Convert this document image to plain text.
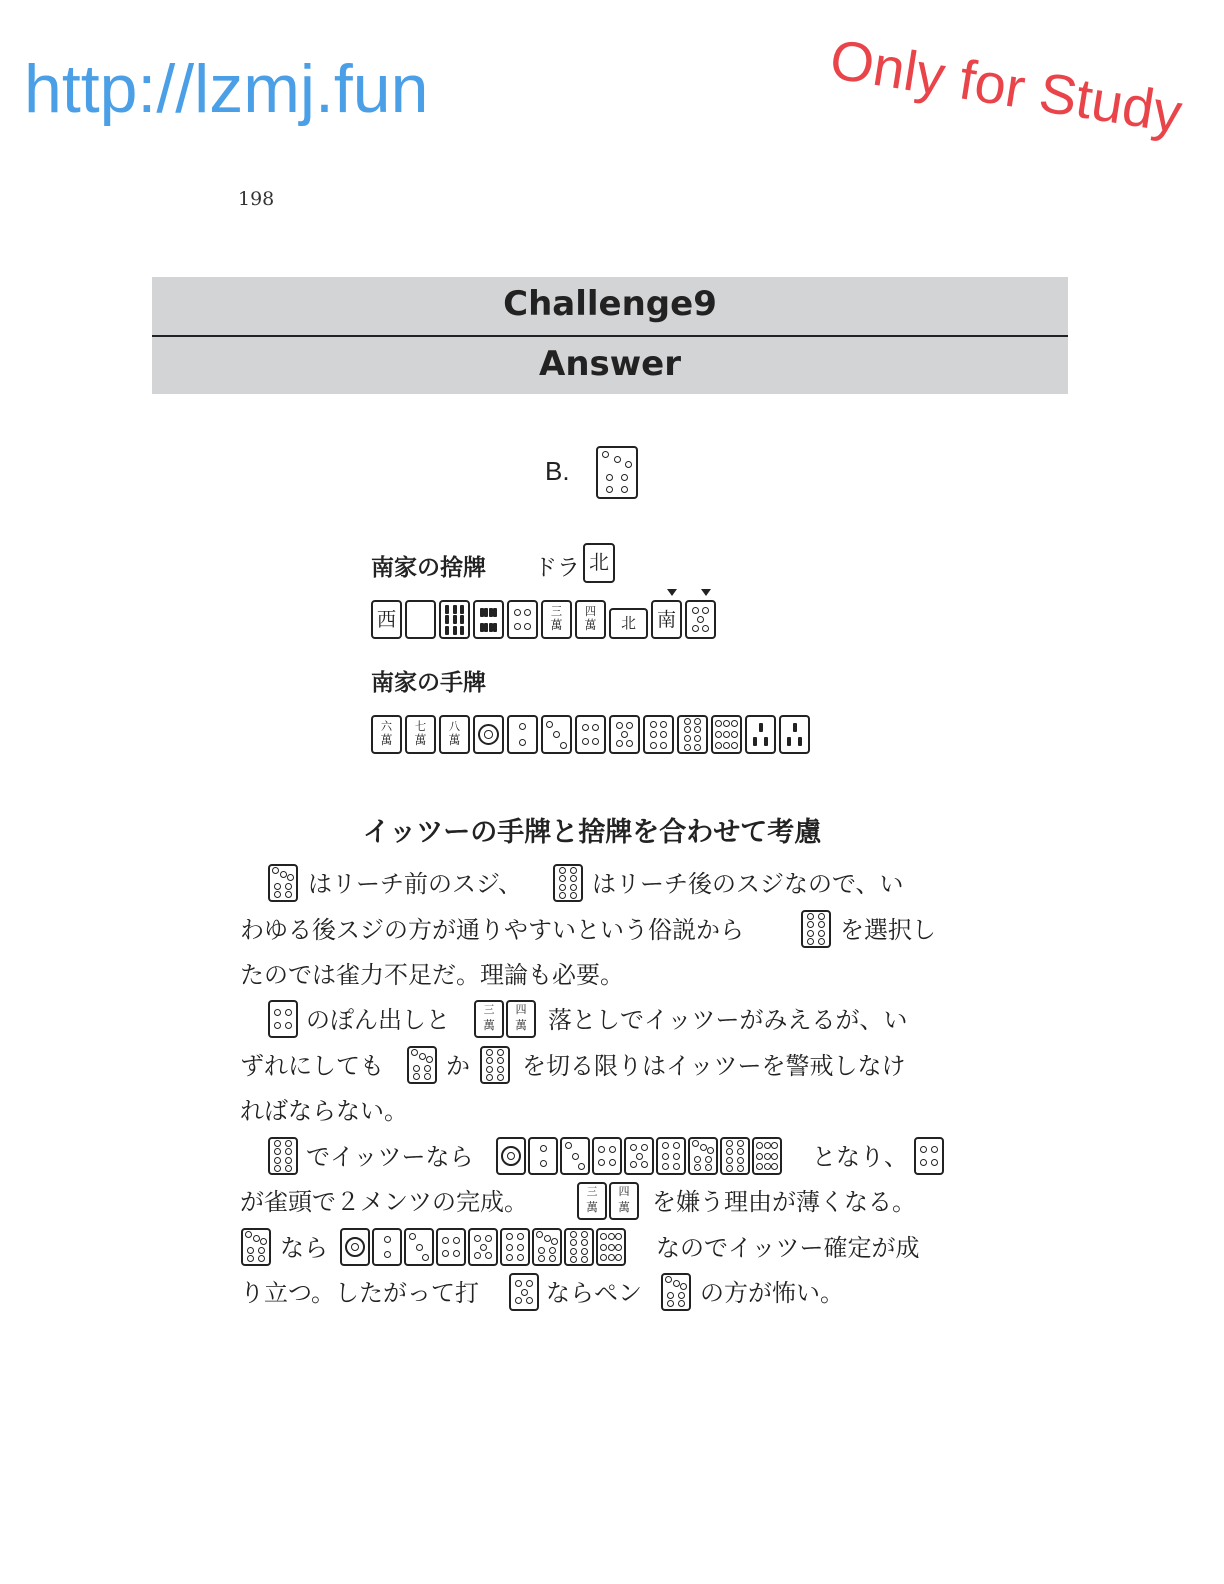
http://lzmj.fun	Only for Study
198
Challenge9
Answer
B.
南家の捨牌 ドラ
南家の手牌
イッツーの手牌と捨牌を合わせて考慮
はリーチ前のスジ、	はリーチ後のスジなので、い
わゆる後スジの方が通りやすいという俗説から	を選択し
たのでは雀力不足だ。理論も必要。
のぽん出しと	落としでイッツーがみえるが、い
ずれにしても	か を切る限りはイッツーを警戒しなけ
ればならない。
でイッツーなら	となり、
が雀頭で２メンツの完成。	を嫌う理由が薄くなる。
なら	なのでイッツー確定が成
り立つ。したがって打	ならペン の方が怖い。
北
西	三
萬
四
萬	北	南
六
萬
七
萬
八
萬
三
萬
四
萬
三
萬
四
萬
